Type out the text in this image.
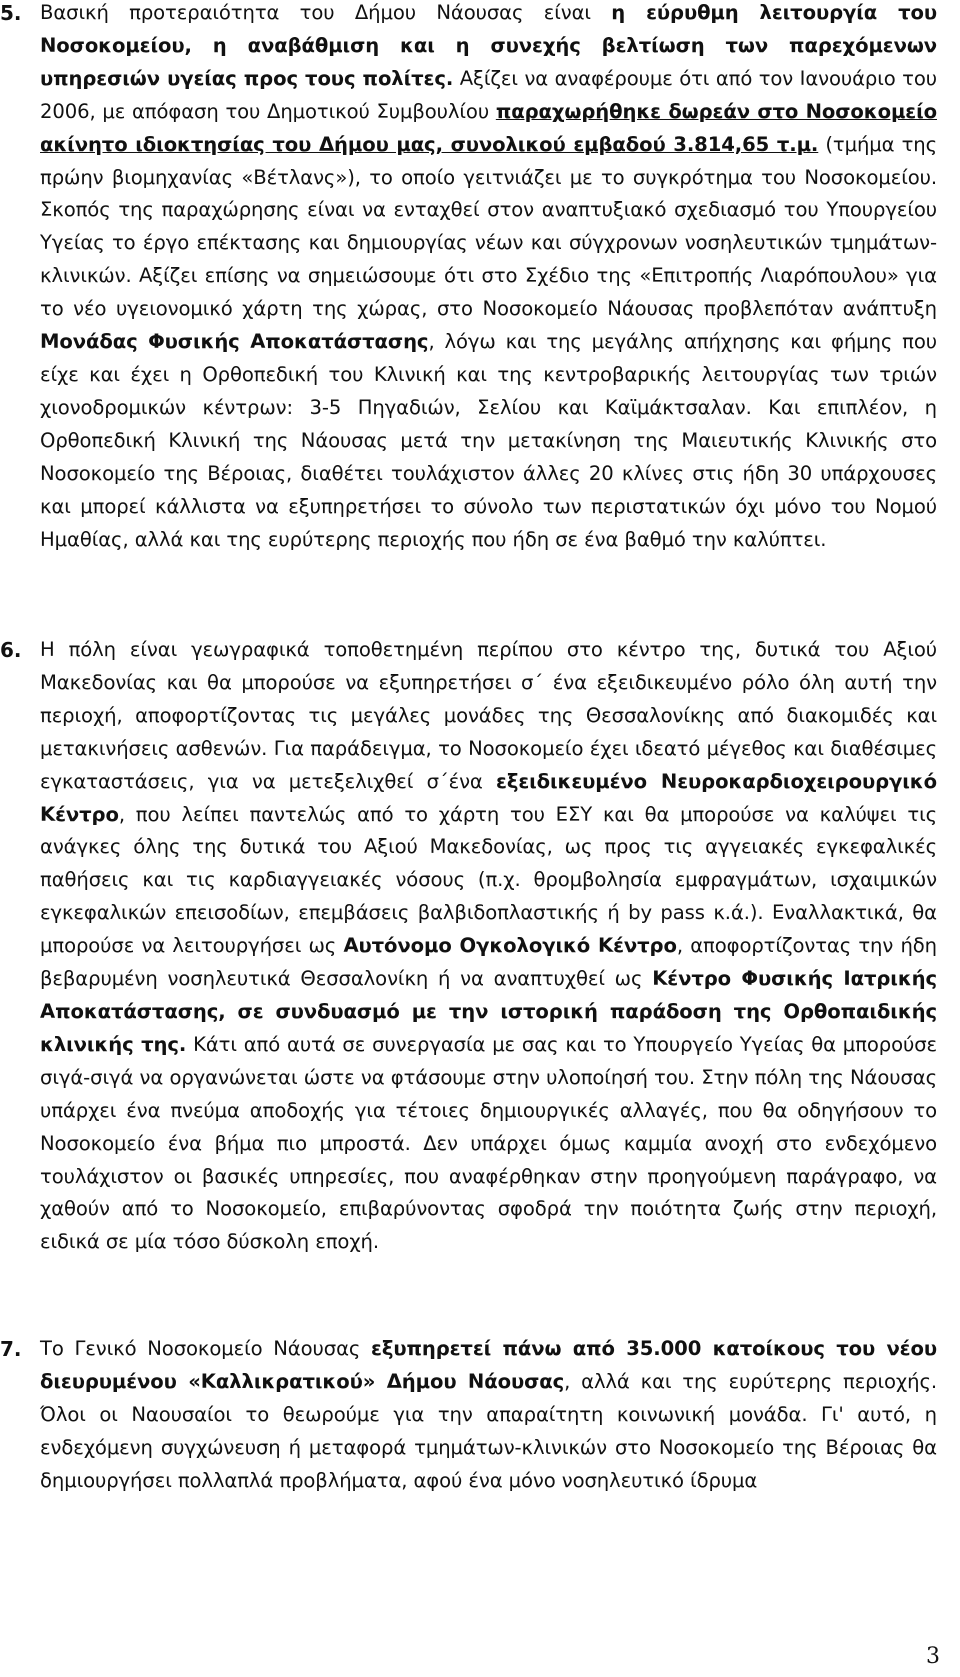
5. Βασική προτεραιότητα του Δήμου Νάουσας είναι η εύρυθμη λειτουργία του Νοσοκομείου, η αναβάθμιση και η συνεχής βελτίωση των παρεχόμενων υπηρεσιών υγείας προς τους πολίτες. Αξίζει να αναφέρουμε ότι από τον Ιανουάριο του 2006, με απόφαση του Δημοτικού Συμβουλίου παραχωρήθηκε δωρεάν στο Νοσοκομείο ακίνητο ιδιοκτησίας του Δήμου μας, συνολικού εμβαδού 3.814,65 τ.μ. (τμήμα της πρώην βιομηχανίας «Βέτλανς»), το οποίο γειτνιάζει με το συγκρότημα του Νοσοκομείου. Σκοπός της παραχώρησης είναι να ενταχθεί στον αναπτυξιακό σχεδιασμό του Υπουργείου Υγείας το έργο επέκτασης και δημιουργίας νέων και σύγχρονων νοσηλευτικών τμημάτων-κλινικών. Αξίζει επίσης να σημειώσουμε ότι στο Σχέδιο της «Επιτροπής Λιαρόπουλου» για το νέο υγειονομικό χάρτη της χώρας, στο Νοσοκομείο Νάουσας προβλεπόταν ανάπτυξη Μονάδας Φυσικής Αποκατάστασης, λόγω και της μεγάλης απήχησης και φήμης που είχε και έχει η Ορθοπεδική του Κλινική και της κεντροβαρικής λειτουργίας των τριών χιονοδρομικών κέντρων: 3-5 Πηγαδιών, Σελίου και Καϊμάκτσαλαν. Και επιπλέον, η Ορθοπεδική Κλινική της Νάουσας μετά την μετακίνηση της Μαιευτικής Κλινικής στο Νοσοκομείο της Βέροιας, διαθέτει τουλάχιστον άλλες 20 κλίνες στις ήδη 30 υπάρχουσες και μπορεί κάλλιστα να εξυπηρετήσει το σύνολο των περιστατικών όχι μόνο του Νομού Ημαθίας, αλλά και της ευρύτερης περιοχής που ήδη σε ένα βαθμό την καλύπτει.
6. Η πόλη είναι γεωγραφικά τοποθετημένη περίπου στο κέντρο της, δυτικά του Αξιού Μακεδονίας και θα μπορούσε να εξυπηρετήσει σ΄ ένα εξειδικευμένο ρόλο όλη αυτή την περιοχή, αποφορτίζοντας τις μεγάλες μονάδες της Θεσσαλονίκης από διακομιδές και μετακινήσεις ασθενών. Για παράδειγμα, το Νοσοκομείο έχει ιδεατό μέγεθος και διαθέσιμες εγκαταστάσεις, για να μετεξελιχθεί σ΄ένα εξειδικευμένο Νευροκαρδιοχειρουργικό Κέντρο, που λείπει παντελώς από το χάρτη του ΕΣΥ και θα μπορούσε να καλύψει τις ανάγκες όλης της δυτικά του Αξιού Μακεδονίας, ως προς τις αγγειακές εγκεφαλικές παθήσεις και τις καρδιαγγειακές νόσους (π.χ. θρομβολησία εμφραγμάτων, ισχαιμικών εγκεφαλικών επεισοδίων, επεμβάσεις βαλβιδοπλαστικής ή by pass κ.ά.). Εναλλακτικά, θα μπορούσε να λειτουργήσει ως Αυτόνομο Ογκολογικό Κέντρο, αποφορτίζοντας την ήδη βεβαρυμένη νοσηλευτικά Θεσσαλονίκη ή να αναπτυχθεί ως Κέντρο Φυσικής Ιατρικής Αποκατάστασης, σε συνδυασμό με την ιστορική παράδοση της Ορθοπαιδικής κλινικής της. Κάτι από αυτά σε συνεργασία με σας και το Υπουργείο Υγείας θα μπορούσε σιγά-σιγά να οργανώνεται ώστε να φτάσουμε στην υλοποίησή του. Στην πόλη της Νάουσας υπάρχει ένα πνεύμα αποδοχής για τέτοιες δημιουργικές αλλαγές, που θα οδηγήσουν το Νοσοκομείο ένα βήμα πιο μπροστά. Δεν υπάρχει όμως καμμία ανοχή στο ενδεχόμενο τουλάχιστον οι βασικές υπηρεσίες, που αναφέρθηκαν στην προηγούμενη παράγραφο, να χαθούν από το Νοσοκομείο, επιβαρύνοντας σφοδρά την ποιότητα ζωής στην περιοχή, ειδικά σε μία τόσο δύσκολη εποχή.
7. Το Γενικό Νοσοκομείο Νάουσας εξυπηρετεί πάνω από 35.000 κατοίκους του νέου διευρυμένου «Καλλικρατικού» Δήμου Νάουσας, αλλά και της ευρύτερης περιοχής. Όλοι οι Ναουσαίοι το θεωρούμε για την απαραίτητη κοινωνική μονάδα. Γι' αυτό, η ενδεχόμενη συγχώνευση ή μεταφορά τμημάτων-κλινικών στο Νοσοκομείο της Βέροιας θα δημιουργήσει πολλαπλά προβλήματα, αφού ένα μόνο νοσηλευτικό ίδρυμα
3
